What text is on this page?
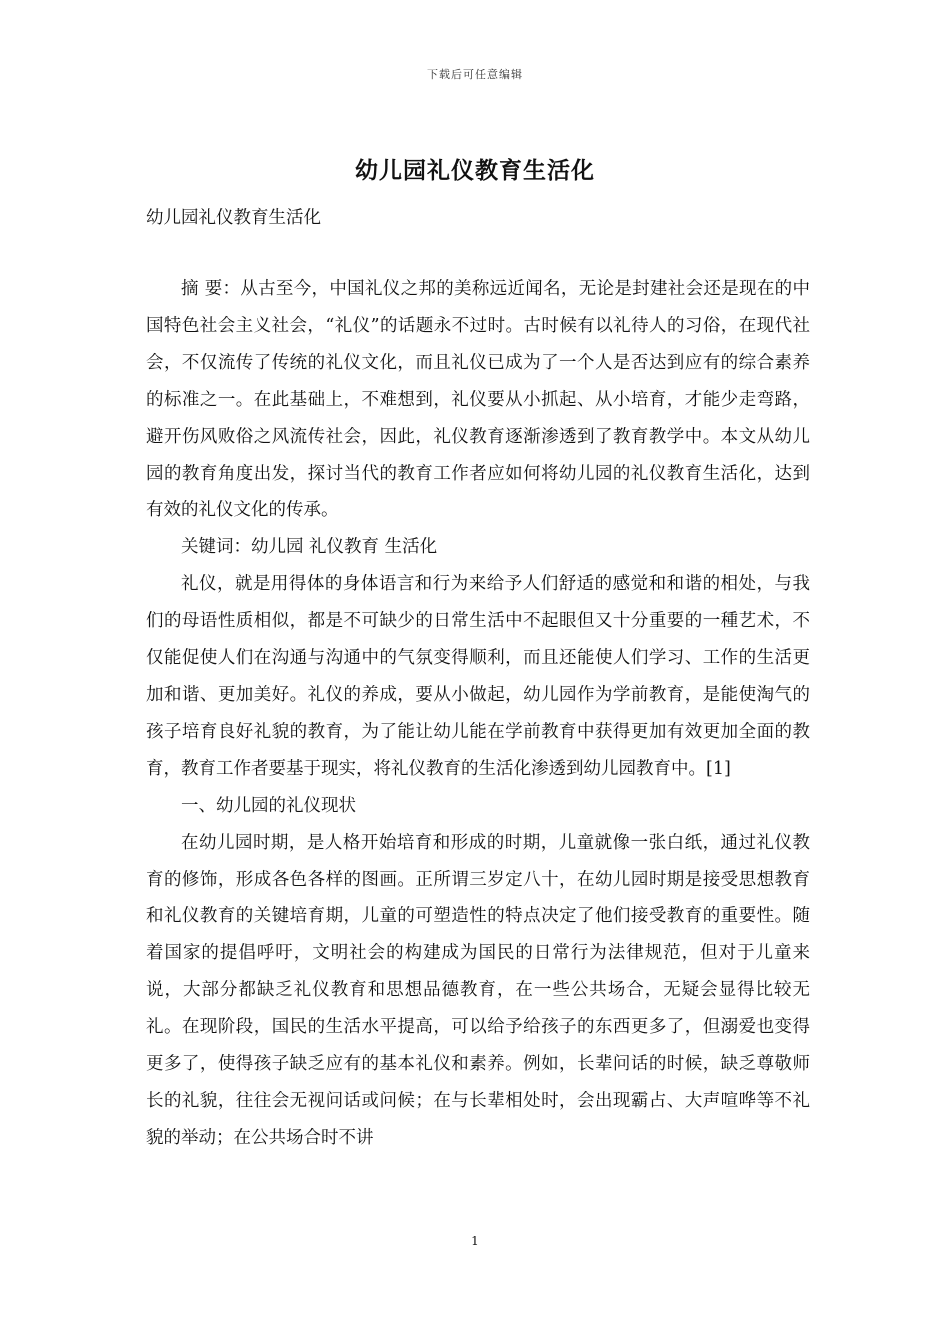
下载后可任意编辑
幼儿园礼仪教育生活化
幼儿园礼仪教育生活化

摘 要：从古至今，中国礼仪之邦的美称远近闻名，无论是封建社会还是现在的中国特色社会主义社会，“礼仪”的话题永不过时。古时候有以礼待人的习俗，在现代社会，不仅流传了传统的礼仪文化，而且礼仪已成为了一个人是否达到应有的综合素养的标准之一。在此基础上，不难想到，礼仪要从小抓起、从小培育，才能少走弯路，避开伤风败俗之风流传社会，因此，礼仪教育逐渐渗透到了教育教学中。本文从幼儿园的教育角度出发，探讨当代的教育工作者应如何将幼儿园的礼仪教育生活化，达到有效的礼仪文化的传承。

关键词：幼儿园 礼仪教育 生活化

礼仪，就是用得体的身体语言和行为来给予人们舒适的感觉和和谐的相处，与我们的母语性质相似，都是不可缺少的日常生活中不起眼但又十分重要的一種艺术，不仅能促使人们在沟通与沟通中的气氛变得顺利，而且还能使人们学习、工作的生活更加和谐、更加美好。礼仪的养成，要从小做起，幼儿园作为学前教育，是能使淘气的孩子培育良好礼貌的教育，为了能让幼儿能在学前教育中获得更加有效更加全面的教育，教育工作者要基于现实，将礼仪教育的生活化渗透到幼儿园教育中。[1]

一、幼儿园的礼仪现状

在幼儿园时期，是人格开始培育和形成的时期，儿童就像一张白纸，通过礼仪教育的修饰，形成各色各样的图画。正所谓三岁定八十，在幼儿园时期是接受思想教育和礼仪教育的关键培育期，儿童的可塑造性的特点决定了他们接受教育的重要性。随着国家的提倡呼吁，文明社会的构建成为国民的日常行为法律规范，但对于儿童来说，大部分都缺乏礼仪教育和思想品德教育，在一些公共场合，无疑会显得比较无礼。在现阶段，国民的生活水平提高，可以给予给孩子的东西更多了，但溺爱也变得更多了，使得孩子缺乏应有的基本礼仪和素养。例如，长辈问话的时候，缺乏尊敬师长的礼貌，往往会无视问话或问候；在与长辈相处时，会出现霸占、大声喧哗等不礼貌的举动；在公共场合时不讲

1
